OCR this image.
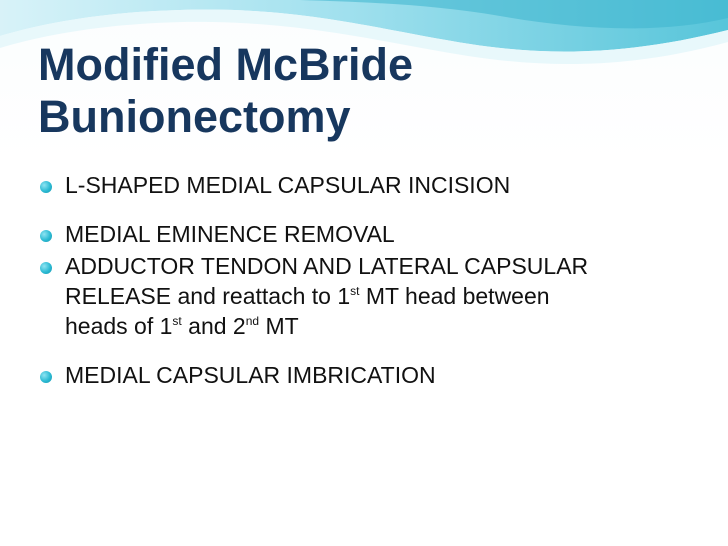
Modified McBride Bunionectomy
L-SHAPED MEDIAL CAPSULAR INCISION
MEDIAL EMINENCE REMOVAL
ADDUCTOR TENDON AND LATERAL CAPSULAR
RELEASE and reattach to 1st MT head between
heads of 1st and 2nd MT
MEDIAL CAPSULAR IMBRICATION
